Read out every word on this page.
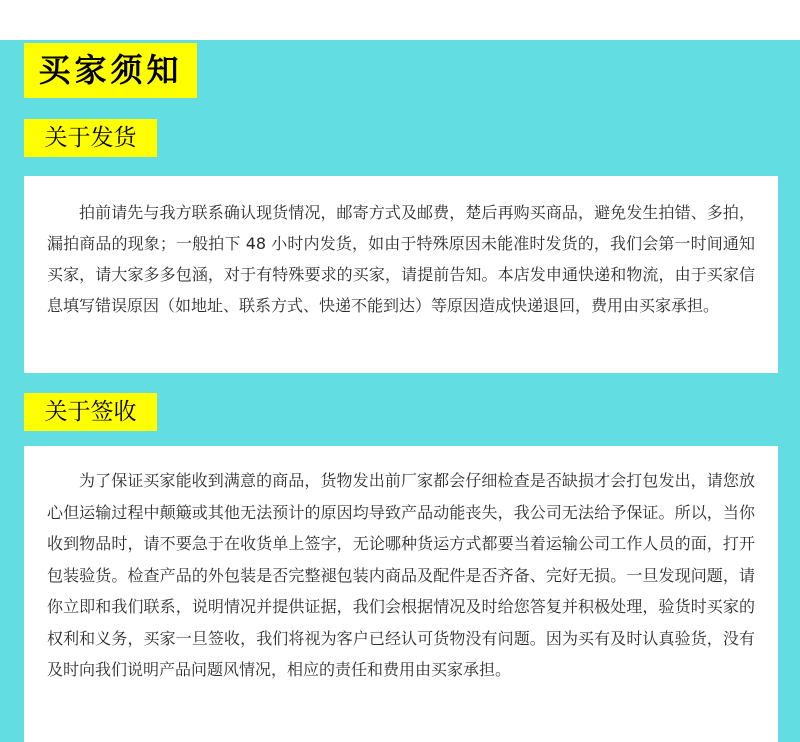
买家须知
关于发货

拍前请先与我方联系确认现货情况，邮寄方式及邮费，楚后再购买商品，避免发生拍错、多拍，漏拍商品的现象；一般拍下 48 小时内发货，如由于特殊原因未能准时发货的，我们会第一时间通知买家，请大家多多包涵，对于有特殊要求的买家，请提前告知。本店发申通快递和物流，由于买家信息填写错误原因（如地址、联系方式、快递不能到达）等原因造成快递退回，费用由买家承担。

关于签收

为了保证买家能收到满意的商品，货物发出前厂家都会仔细检查是否缺损才会打包发出，请您放心但运输过程中颠簸或其他无法预计的原因均导致产品动能丧失，我公司无法给予保证。所以，当你收到物品时，请不要急于在收货单上签字，无论哪种货运方式都要当着运输公司工作人员的面，打开包装验货。检查产品的外包装是否完整褪包装内商品及配件是否齐备、完好无损。一旦发现问题，请你立即和我们联系，说明情况并提供证据，我们会根据情况及时给您答复并积极处理，验货时买家的权利和义务，买家一旦签收，我们将视为客户已经认可货物没有问题。因为买有及时认真验货，没有及时向我们说明产品问题风情况，相应的责任和费用由买家承担。
